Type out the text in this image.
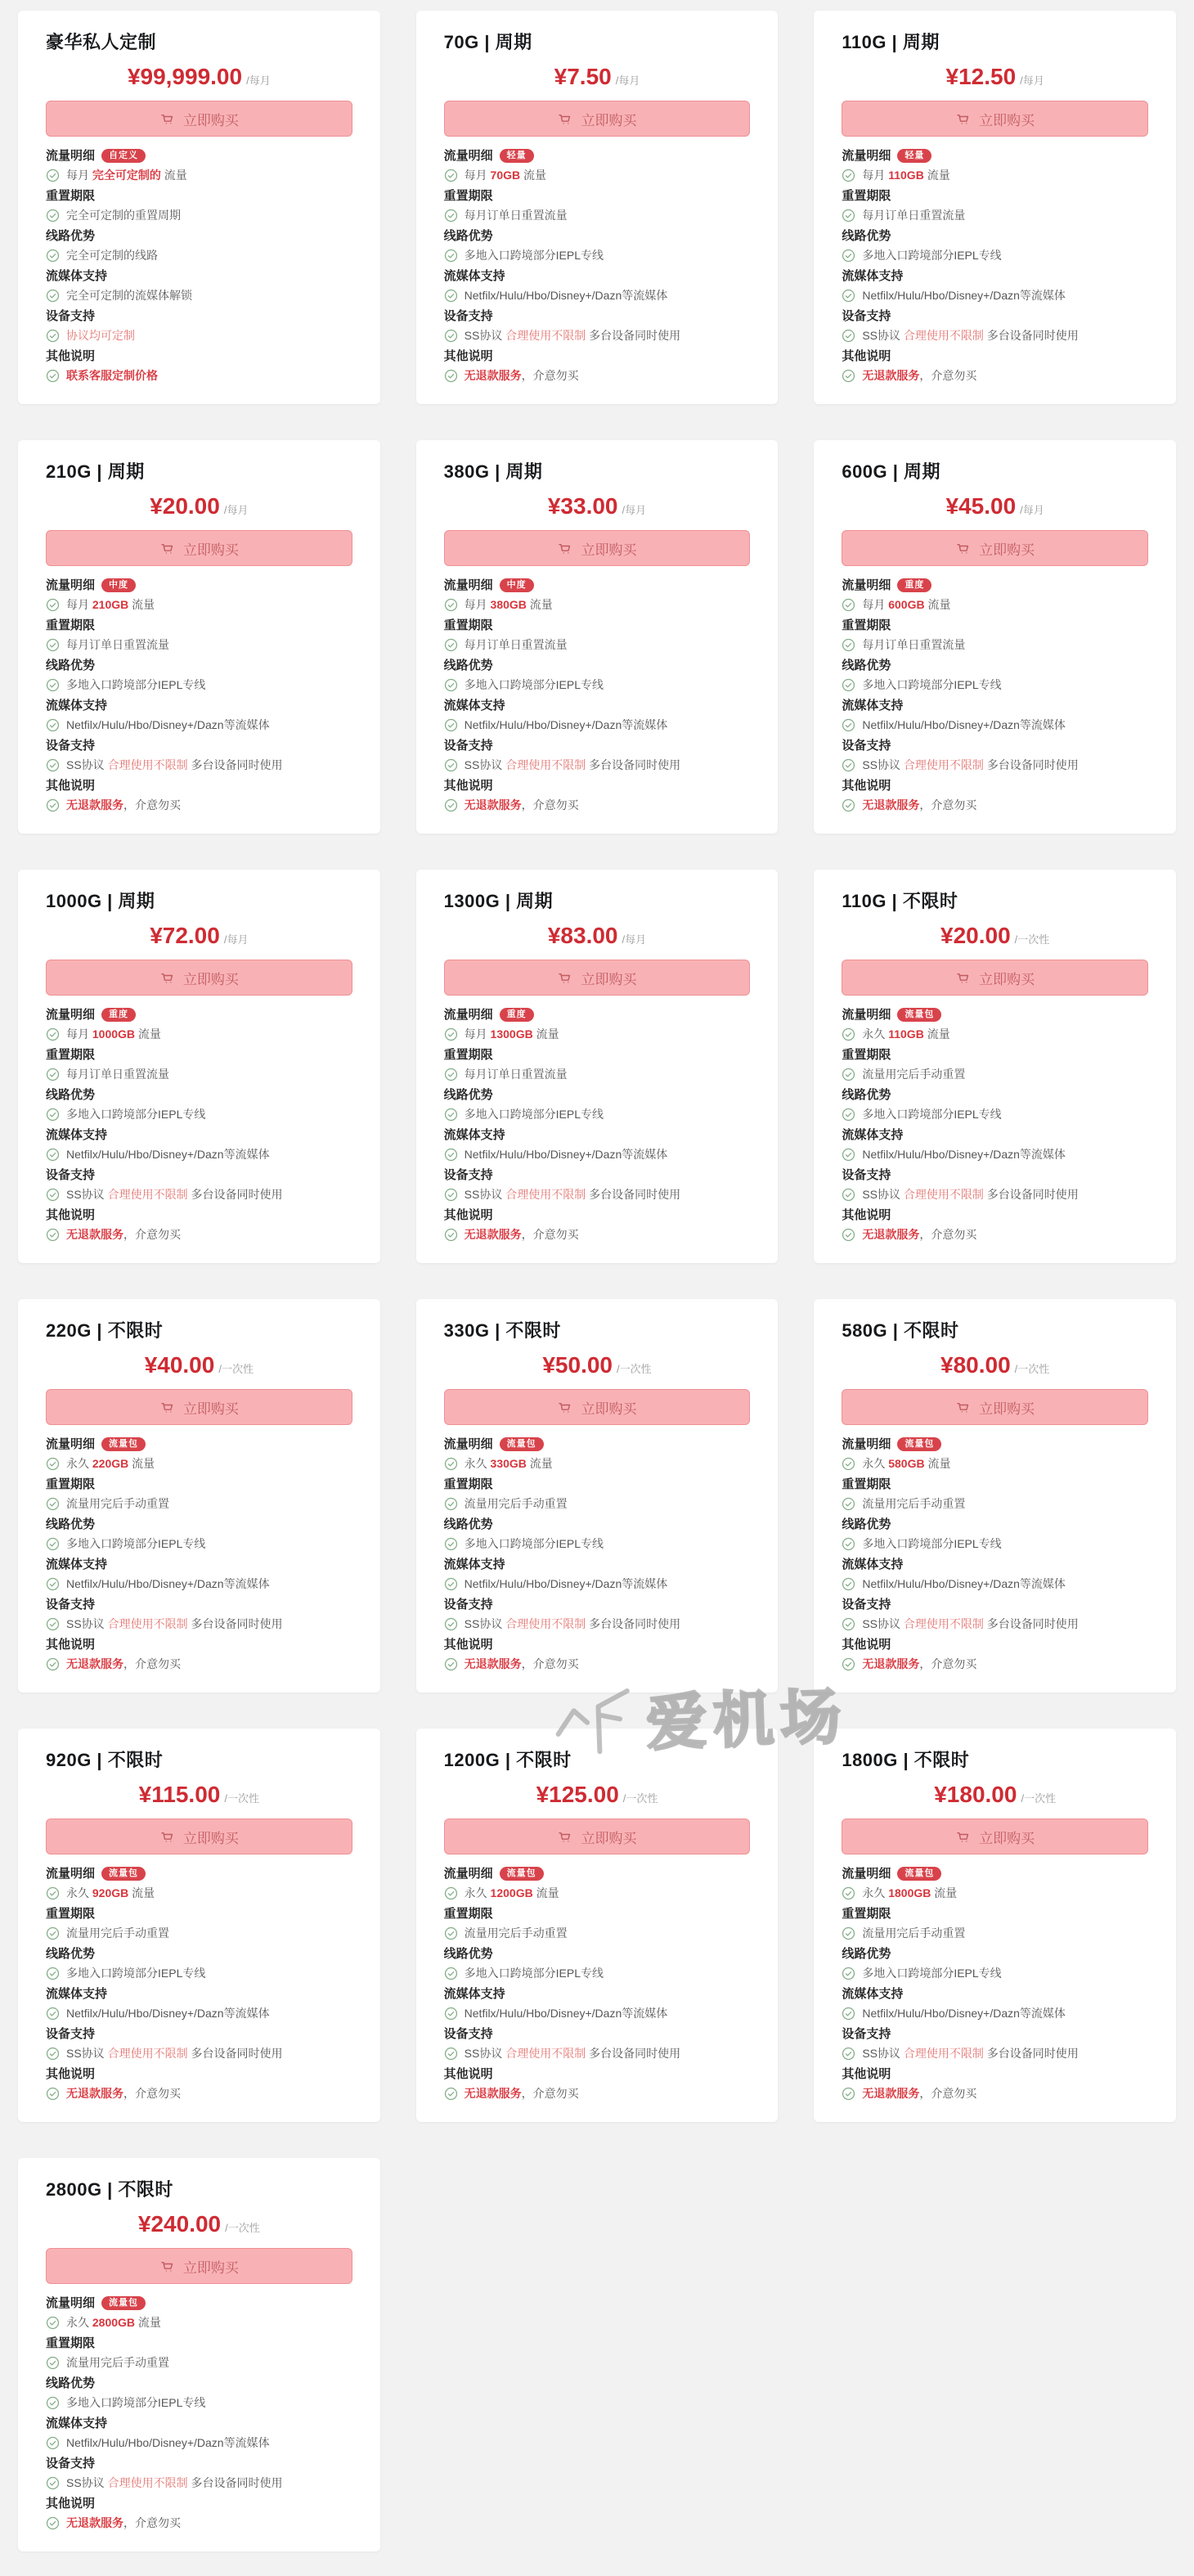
豪华私人定制
¥99,999.00 /每月
立即购买
流量明细	自定义
每月 完全可定制的 流量
重置期限
完全可定制的重置周期
线路优势
完全可定制的线路
流媒体支持
完全可定制的流媒体解锁
设备支持
协议均可定制
其他说明
联系客服定制价格
70G | 周期
¥7.50 /每月
立即购买
流量明细	轻量
每月 70GB 流量
重置期限
每月订单日重置流量
线路优势
多地入口跨境部分IEPL专线
流媒体支持
Netfilx/Hulu/Hbo/Disney+/Dazn等流媒体
设备支持
SS协议 合理使用不限制 多台设备同时使用
其他说明
无退款服务，介意勿买
110G | 周期
¥12.50 /每月
立即购买
流量明细	轻量
每月 110GB 流量
重置期限
每月订单日重置流量
线路优势
多地入口跨境部分IEPL专线
流媒体支持
Netfilx/Hulu/Hbo/Disney+/Dazn等流媒体
设备支持
SS协议 合理使用不限制 多台设备同时使用
其他说明
无退款服务，介意勿买
210G | 周期
¥20.00 /每月
立即购买
流量明细	中度
每月 210GB 流量
重置期限
每月订单日重置流量
线路优势
多地入口跨境部分IEPL专线
流媒体支持
Netfilx/Hulu/Hbo/Disney+/Dazn等流媒体
设备支持
SS协议 合理使用不限制 多台设备同时使用
其他说明
无退款服务，介意勿买
380G | 周期
¥33.00 /每月
立即购买
流量明细	中度
每月 380GB 流量
重置期限
每月订单日重置流量
线路优势
多地入口跨境部分IEPL专线
流媒体支持
Netfilx/Hulu/Hbo/Disney+/Dazn等流媒体
设备支持
SS协议 合理使用不限制 多台设备同时使用
其他说明
无退款服务，介意勿买
600G | 周期
¥45.00 /每月
立即购买
流量明细	重度
每月 600GB 流量
重置期限
每月订单日重置流量
线路优势
多地入口跨境部分IEPL专线
流媒体支持
Netfilx/Hulu/Hbo/Disney+/Dazn等流媒体
设备支持
SS协议 合理使用不限制 多台设备同时使用
其他说明
无退款服务，介意勿买
1000G | 周期
¥72.00 /每月
立即购买
流量明细	重度
每月 1000GB 流量
重置期限
每月订单日重置流量
线路优势
多地入口跨境部分IEPL专线
流媒体支持
Netfilx/Hulu/Hbo/Disney+/Dazn等流媒体
设备支持
SS协议 合理使用不限制 多台设备同时使用
其他说明
无退款服务，介意勿买
1300G | 周期
¥83.00 /每月
立即购买
流量明细	重度
每月 1300GB 流量
重置期限
每月订单日重置流量
线路优势
多地入口跨境部分IEPL专线
流媒体支持
Netfilx/Hulu/Hbo/Disney+/Dazn等流媒体
设备支持
SS协议 合理使用不限制 多台设备同时使用
其他说明
无退款服务，介意勿买
110G | 不限时
¥20.00 /一次性
立即购买
流量明细	流量包
永久 110GB 流量
重置期限
流量用完后手动重置
线路优势
多地入口跨境部分IEPL专线
流媒体支持
Netfilx/Hulu/Hbo/Disney+/Dazn等流媒体
设备支持
SS协议 合理使用不限制 多台设备同时使用
其他说明
无退款服务，介意勿买
220G | 不限时
¥40.00 /一次性
立即购买
流量明细	流量包
永久 220GB 流量
重置期限
流量用完后手动重置
线路优势
多地入口跨境部分IEPL专线
流媒体支持
Netfilx/Hulu/Hbo/Disney+/Dazn等流媒体
设备支持
SS协议 合理使用不限制 多台设备同时使用
其他说明
无退款服务，介意勿买
330G | 不限时
¥50.00 /一次性
立即购买
流量明细	流量包
永久 330GB 流量
重置期限
流量用完后手动重置
线路优势
多地入口跨境部分IEPL专线
流媒体支持
Netfilx/Hulu/Hbo/Disney+/Dazn等流媒体
设备支持
SS协议 合理使用不限制 多台设备同时使用
其他说明
无退款服务，介意勿买
580G | 不限时
¥80.00 /一次性
立即购买
流量明细	流量包
永久 580GB 流量
重置期限
流量用完后手动重置
线路优势
多地入口跨境部分IEPL专线
流媒体支持
Netfilx/Hulu/Hbo/Disney+/Dazn等流媒体
设备支持
SS协议 合理使用不限制 多台设备同时使用
其他说明
无退款服务，介意勿买
920G | 不限时
¥115.00 /一次性
立即购买
流量明细	流量包
永久 920GB 流量
重置期限
流量用完后手动重置
线路优势
多地入口跨境部分IEPL专线
流媒体支持
Netfilx/Hulu/Hbo/Disney+/Dazn等流媒体
设备支持
SS协议 合理使用不限制 多台设备同时使用
其他说明
无退款服务，介意勿买
1200G | 不限时
¥125.00 /一次性
立即购买
流量明细	流量包
永久 1200GB 流量
重置期限
流量用完后手动重置
线路优势
多地入口跨境部分IEPL专线
流媒体支持
Netfilx/Hulu/Hbo/Disney+/Dazn等流媒体
设备支持
SS协议 合理使用不限制 多台设备同时使用
其他说明
无退款服务，介意勿买
1800G | 不限时
¥180.00 /一次性
立即购买
流量明细	流量包
永久 1800GB 流量
重置期限
流量用完后手动重置
线路优势
多地入口跨境部分IEPL专线
流媒体支持
Netfilx/Hulu/Hbo/Disney+/Dazn等流媒体
设备支持
SS协议 合理使用不限制 多台设备同时使用
其他说明
无退款服务，介意勿买
2800G | 不限时
¥240.00 /一次性
立即购买
流量明细	流量包
永久 2800GB 流量
重置期限
流量用完后手动重置
线路优势
多地入口跨境部分IEPL专线
流媒体支持
Netfilx/Hulu/Hbo/Disney+/Dazn等流媒体
设备支持
SS协议 合理使用不限制 多台设备同时使用
其他说明
无退款服务，介意勿买
爱机场
